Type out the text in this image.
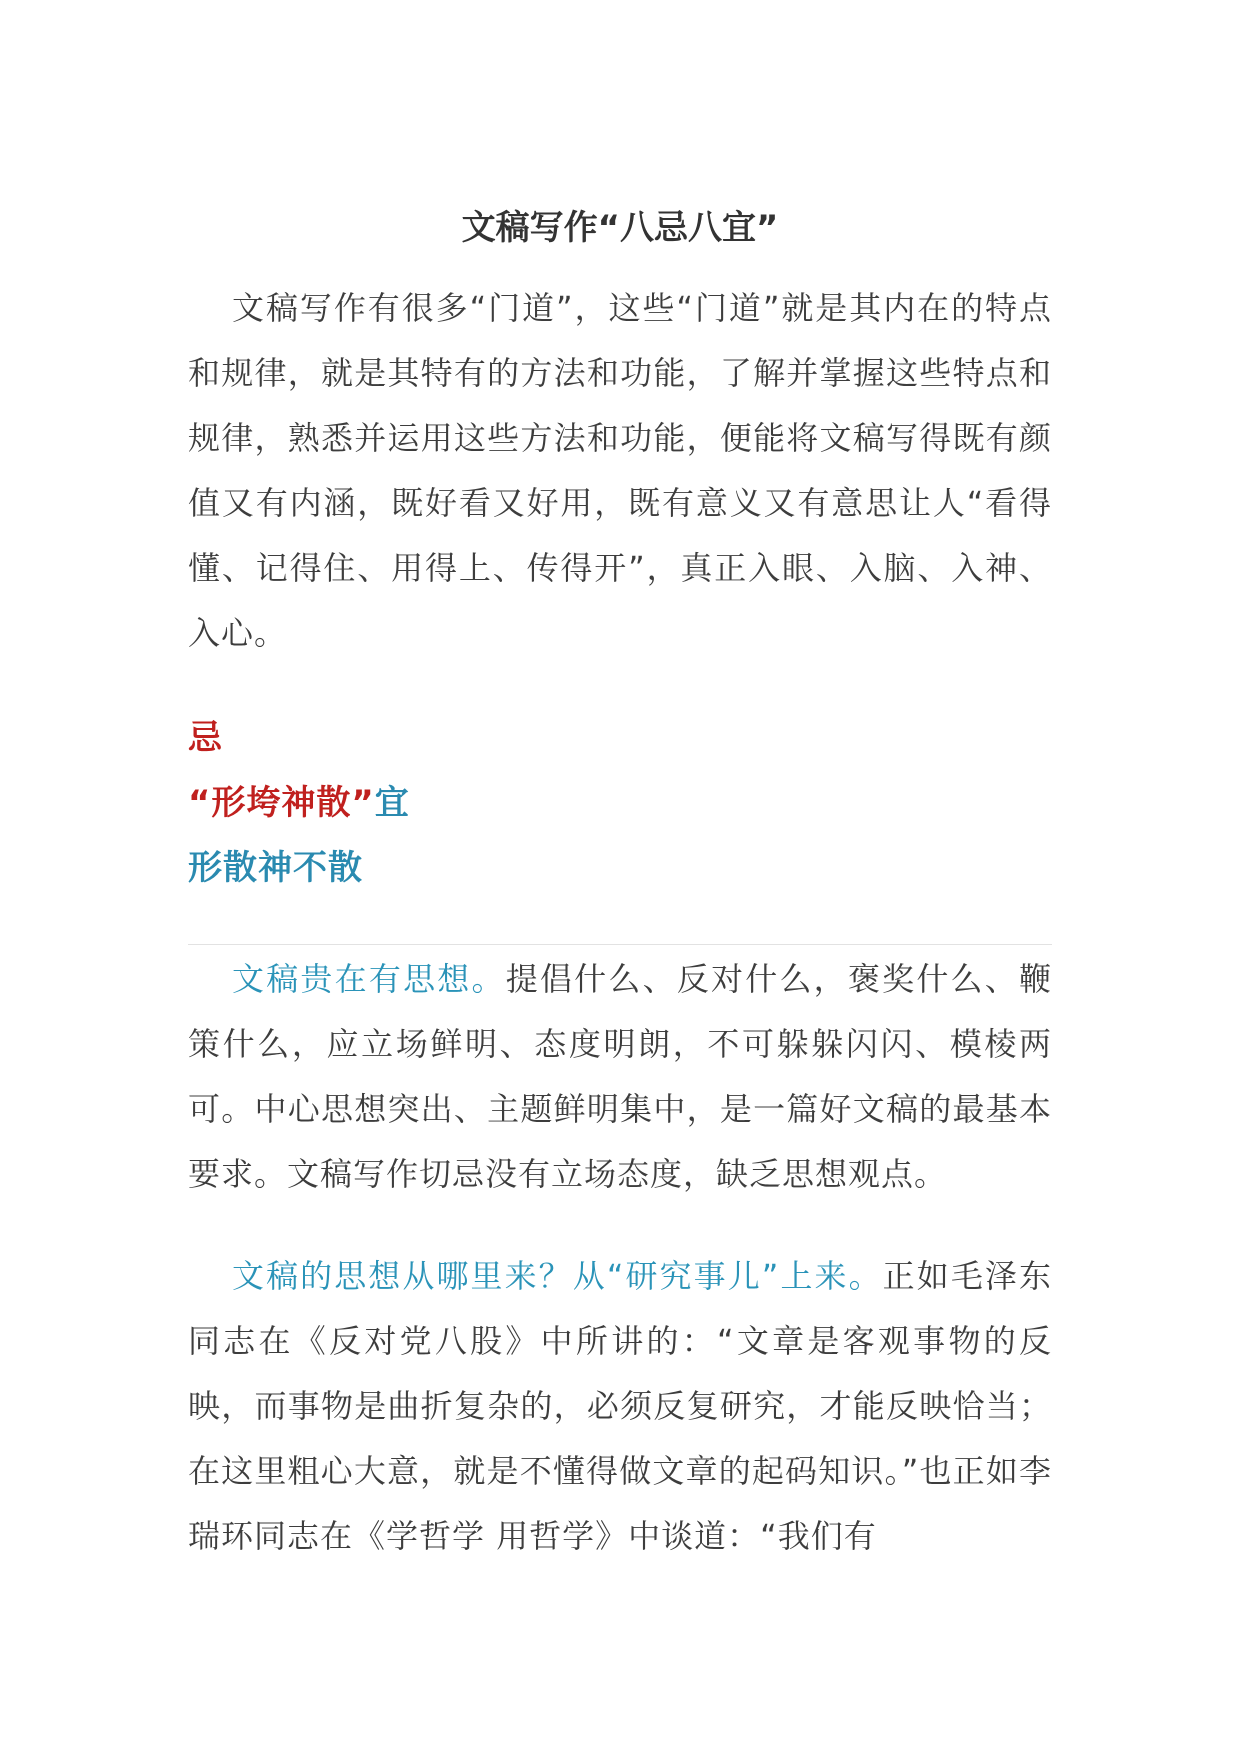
文稿写作“八忌八宜”

文稿写作有很多“门道”，这些“门道”就是其内在的特点和规律，就是其特有的方法和功能，了解并掌握这些特点和规律，熟悉并运用这些方法和功能，便能将文稿写得既有颜值又有内涵，既好看又好用，既有意义又有意思让人“看得懂、记得住、用得上、传得开”，真正入眼、入脑、入神、入心。

忌

“形垮神散”宜

形散神不散

文稿贵在有思想。提倡什么、反对什么，褒奖什么、鞭策什么，应立场鲜明、态度明朗，不可躲躲闪闪、模棱两可。中心思想突出、主题鲜明集中，是一篇好文稿的最基本要求。文稿写作切忌没有立场态度，缺乏思想观点。

文稿的思想从哪里来？从“研究事儿”上来。正如毛泽东同志在《反对党八股》中所讲的：“文章是客观事物的反映，而事物是曲折复杂的，必须反复研究，才能反映恰当；在这里粗心大意，就是不懂得做文章的起码知识。”也正如李瑞环同志在《学哲学 用哲学》中谈道：“我们有
